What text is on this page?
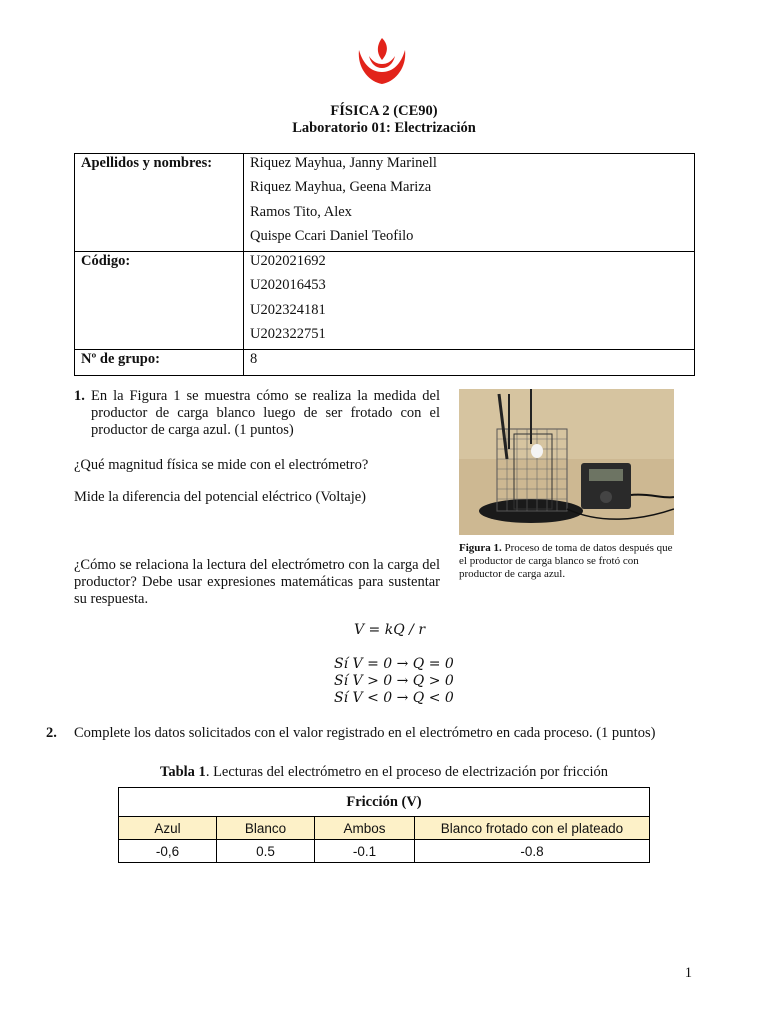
FÍSICA 2 (CE90)
Laboratorio 01: Electrización
Apellidos y nombres:	Riquez Mayhua, Janny Marinell
Riquez Mayhua, Geena Mariza
Ramos Tito, Alex
Quispe Ccari Daniel Teofilo

Código:	U202021692
U202016453
U202324181
U202322751

Nº de grupo:	8
1. En la Figura 1 se muestra cómo se realiza la medida del productor de carga blanco luego de ser frotado con el productor de carga azul. (1 puntos)
¿Qué magnitud física se mide con el electrómetro?
Mide la diferencia del potencial eléctrico (Voltaje)
¿Cómo se relaciona la lectura del electrómetro con la carga del productor? Debe usar expresiones matemáticas para sustentar su respuesta.
V = kQ / r
Sí V = 0 → Q = 0
Sí V > 0 → Q > 0
Sí V < 0 → Q < 0
Figura 1. Proceso de toma de datos después que el productor de carga blanco se frotó con productor de carga azul.
2. Complete los datos solicitados con el valor registrado en el electrómetro en cada proceso. (1 puntos)
Tabla 1. Lecturas del electrómetro en el proceso de electrización por fricción
Fricción (V)			
Azul	Blanco	Ambos	Blanco frotado con el plateado
-0,6	0.5	-0.1	-0.8
1
